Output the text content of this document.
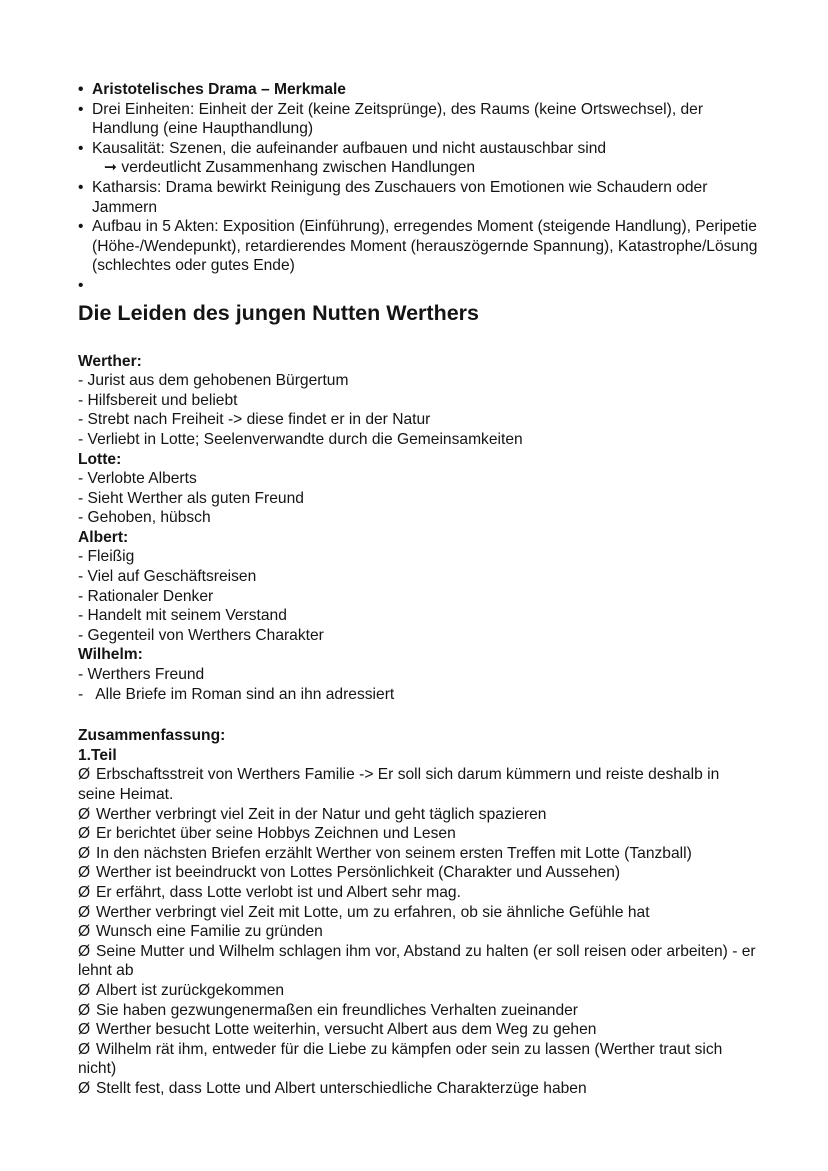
• Aristotelisches Drama – Merkmale
• Drei Einheiten: Einheit der Zeit (keine Zeitsprünge), des Raums (keine Ortswechsel), der Handlung (eine Haupthandlung)
• Kausalität: Szenen, die aufeinander aufbauen und nicht austauschbar sind
➞ verdeutlicht Zusammenhang zwischen Handlungen
• Katharsis: Drama bewirkt Reinigung des Zuschauers von Emotionen wie Schaudern oder Jammern
• Aufbau in 5 Akten: Exposition (Einführung), erregendes Moment (steigende Handlung), Peripetie (Höhe-/Wendepunkt), retardierendes Moment (herauszögernde Spannung), Katastrophe/Lösung (schlechtes oder gutes Ende)
•
Die Leiden des jungen Nutten Werthers
Werther:
- Jurist aus dem gehobenen Bürgertum
- Hilfsbereit und beliebt
- Strebt nach Freiheit -> diese findet er in der Natur
- Verliebt in Lotte; Seelenverwandte durch die Gemeinsamkeiten
Lotte:
- Verlobte Alberts
- Sieht Werther als guten Freund
- Gehoben, hübsch
Albert:
- Fleißig
- Viel auf Geschäftsreisen
- Rationaler Denker
- Handelt mit seinem Verstand
- Gegenteil von Werthers Charakter
Wilhelm:
- Werthers Freund
- Alle Briefe im Roman sind an ihn adressiert
Zusammenfassung:
1.Teil
Ø Erbschaftsstreit von Werthers Familie -> Er soll sich darum kümmern und reiste deshalb in seine Heimat.
Ø Werther verbringt viel Zeit in der Natur und geht täglich spazieren
Ø Er berichtet über seine Hobbys Zeichnen und Lesen
Ø In den nächsten Briefen erzählt Werther von seinem ersten Treffen mit Lotte (Tanzball)
Ø Werther ist beeindruckt von Lottes Persönlichkeit (Charakter und Aussehen)
Ø Er erfährt, dass Lotte verlobt ist und Albert sehr mag.
Ø Werther verbringt viel Zeit mit Lotte, um zu erfahren, ob sie ähnliche Gefühle hat
Ø Wunsch eine Familie zu gründen
Ø Seine Mutter und Wilhelm schlagen ihm vor, Abstand zu halten (er soll reisen oder arbeiten) - er lehnt ab
Ø Albert ist zurückgekommen
Ø Sie haben gezwungenermaßen ein freundliches Verhalten zueinander
Ø Werther besucht Lotte weiterhin, versucht Albert aus dem Weg zu gehen
Ø Wilhelm rät ihm, entweder für die Liebe zu kämpfen oder sein zu lassen (Werther traut sich nicht)
Ø Stellt fest, dass Lotte und Albert unterschiedliche Charakterzüge haben
